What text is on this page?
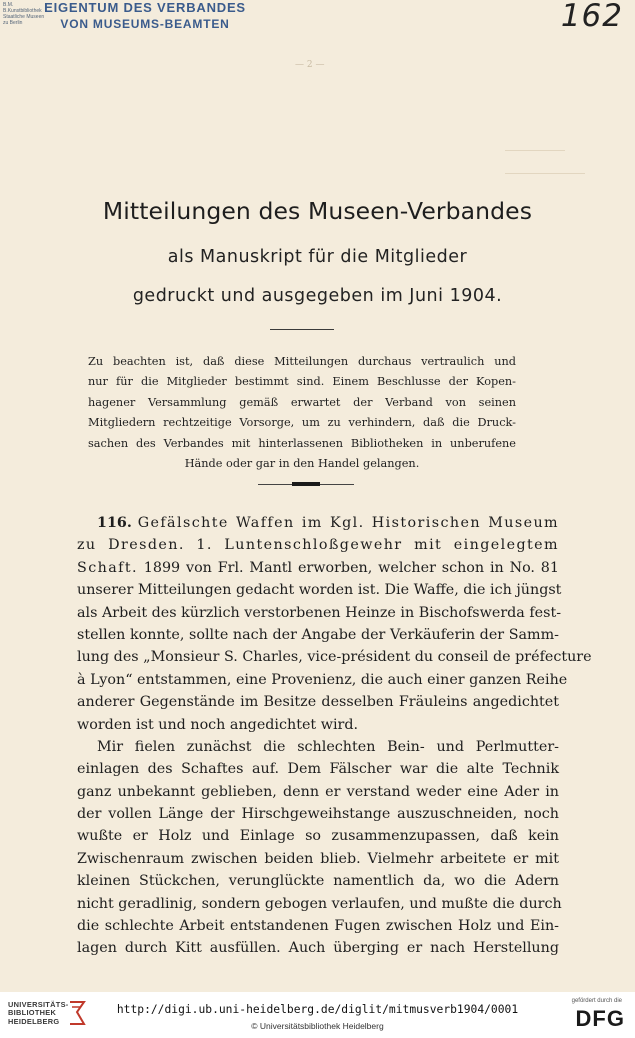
B.M.
B.Kunstbibliothek
Staatliche Museen
zu Berlin
EIGENTUM DES VERBANDES
VON MUSEUMS-BEAMTEN	162
— 2 —
Mitteilungen des Museen-Verbandes
als Manuskript für die Mitglieder
gedruckt und ausgegeben im Juni 1904.
Zu beachten ist, daß diese Mitteilungen durchaus vertraulich und
nur für die Mitglieder bestimmt sind. Einem Beschlusse der Kopen-
hagener Versammlung gemäß erwartet der Verband von seinen
Mitgliedern rechtzeitige Vorsorge, um zu verhindern, daß die Druck-
sachen des Verbandes mit hinterlassenen Bibliotheken in unberufene
Hände oder gar in den Handel gelangen.
116. Gefälschte Waffen im Kgl. Historischen Museum
zu Dresden. 1. Luntenschloßgewehr mit eingelegtem
Schaft. 1899 von Frl. Mantl erworben, welcher schon in No. 81
unserer Mitteilungen gedacht worden ist. Die Waffe, die ich jüngst
als Arbeit des kürzlich verstorbenen Heinze in Bischofswerda fest-
stellen konnte, sollte nach der Angabe der Verkäuferin der Samm-
lung des „Monsieur S. Charles, vice-président du conseil de préfecture
à Lyon“ entstammen, eine Provenienz, die auch einer ganzen Reihe
anderer Gegenstände im Besitze desselben Fräuleins angedichtet
worden ist und noch angedichtet wird.
Mir fielen zunächst die schlechten Bein- und Perlmutter-
einlagen des Schaftes auf. Dem Fälscher war die alte Technik
ganz unbekannt geblieben, denn er verstand weder eine Ader in
der vollen Länge der Hirschgeweihstange auszuschneiden, noch
wußte er Holz und Einlage so zusammenzupassen, daß kein
Zwischenraum zwischen beiden blieb. Vielmehr arbeitete er mit
kleinen Stückchen, verunglückte namentlich da, wo die Adern
nicht geradlinig, sondern gebogen verlaufen, und mußte die durch
die schlechte Arbeit entstandenen Fugen zwischen Holz und Ein-
lagen durch Kitt ausfüllen. Auch überging er nach Herstellung
UNIVERSITÄTS-
BIBLIOTHEK
HEIDELBERG
http://digi.ub.uni-heidelberg.de/diglit/mitmusverb1904/0001
© Universitätsbibliothek Heidelberg
gefördert durch die
DFG
